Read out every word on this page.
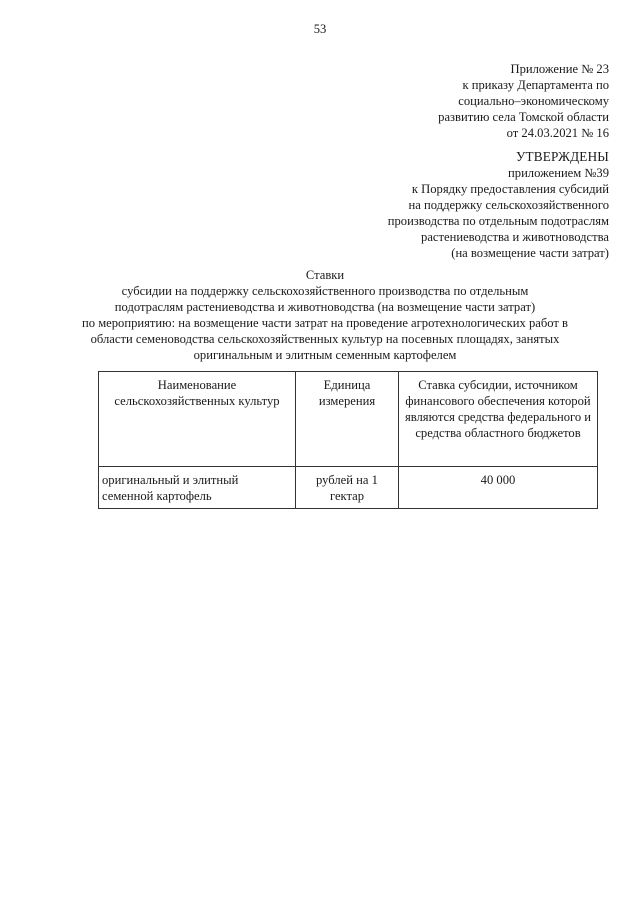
53
Приложение № 23
к приказу Департамента по
социально–экономическому
развитию села Томской области
от 24.03.2021 № 16
УТВЕРЖДЕНЫ
приложением №39
к Порядку предоставления субсидий
на поддержку сельскохозяйственного
производства по отдельным подотраслям
растениеводства и животноводства
(на возмещение части затрат)
Ставки
субсидии на поддержку сельскохозяйственного производства по отдельным
подотраслям растениеводства и животноводства (на возмещение части затрат)
по мероприятию: на возмещение части затрат на проведение агротехнологических работ в
области семеноводства сельскохозяйственных культур на посевных площадях, занятых
оригинальным и элитным семенным картофелем
Наименование сельскохозяйственных культур	Единица измерения	Ставка субсидии, источником финансового обеспечения которой являются средства федерального и средства областного бюджетов
оригинальный и элитный семенной картофель	рублей на 1 гектар	40 000
